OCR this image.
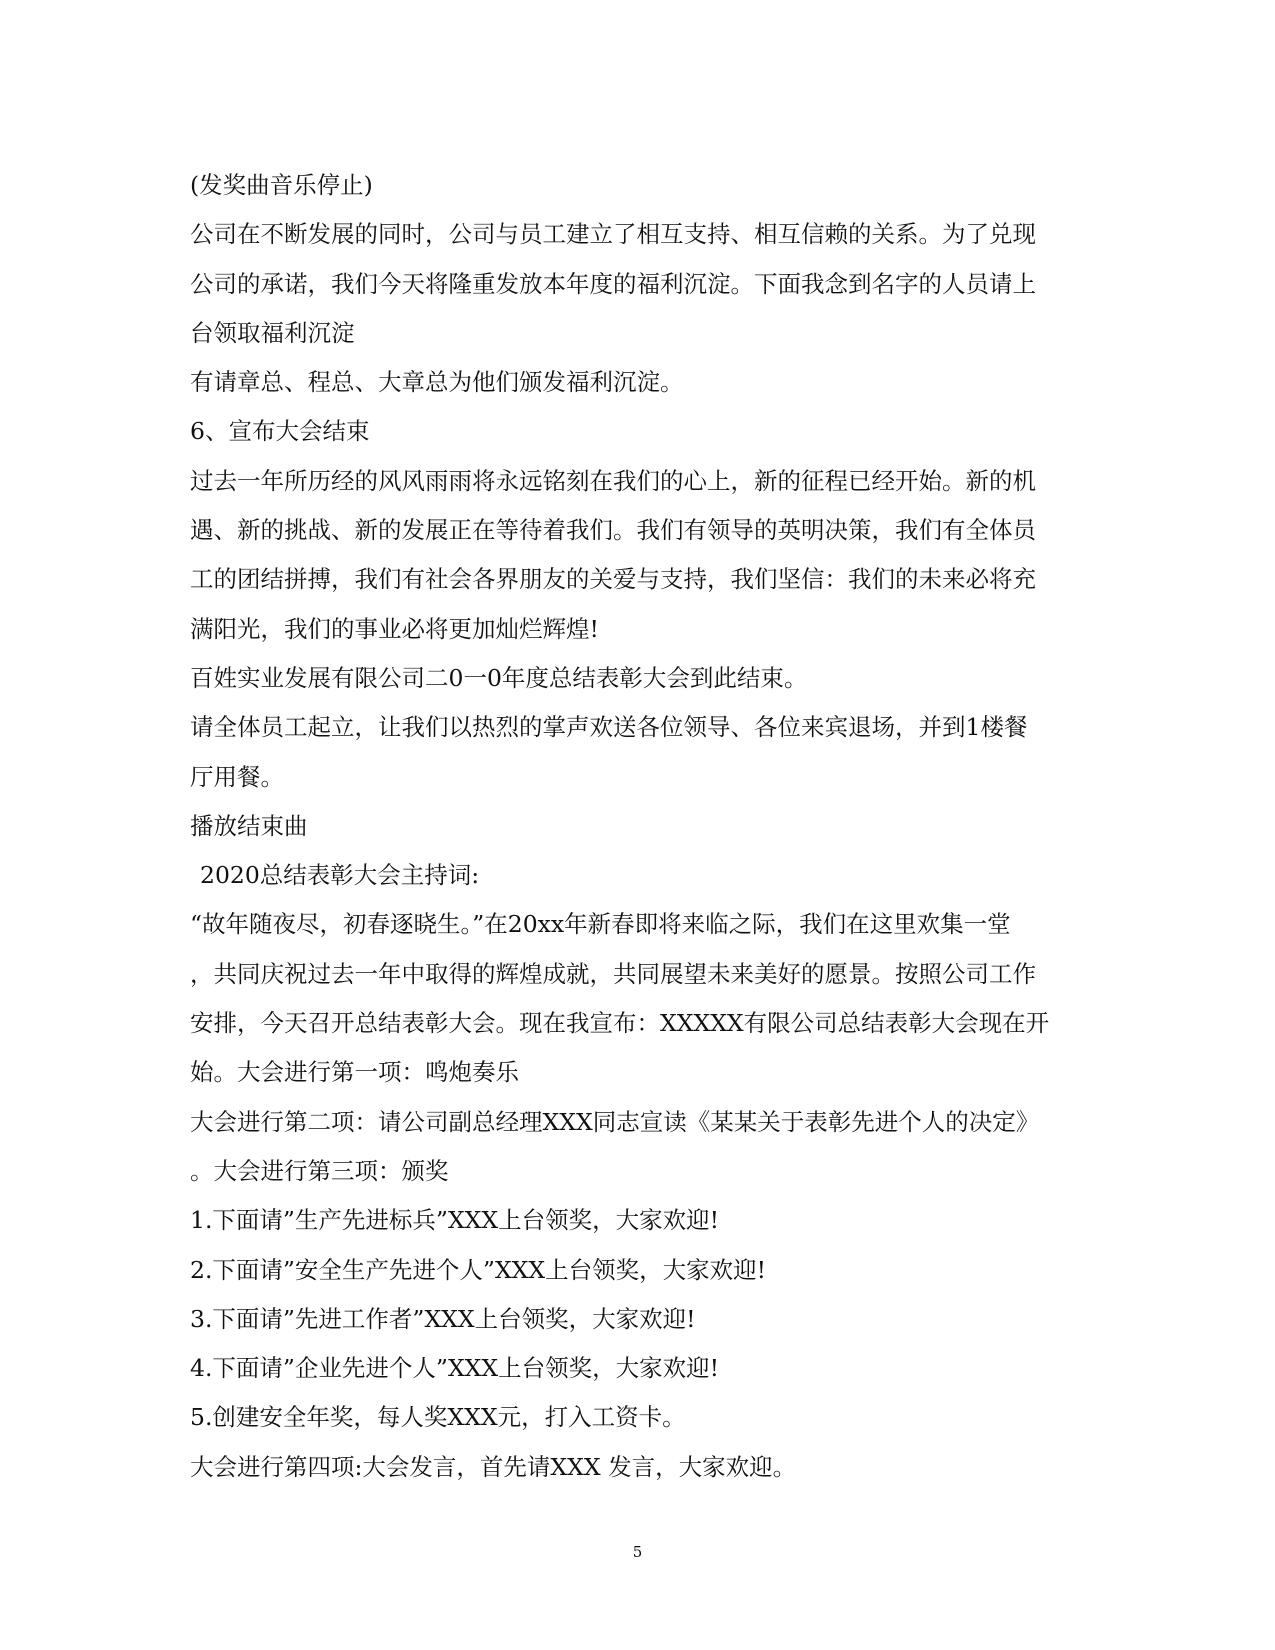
(发奖曲音乐停止)
公司在不断发展的同时，公司与员工建立了相互支持、相互信赖的关系。为了兑现
公司的承诺，我们今天将隆重发放本年度的福利沉淀。下面我念到名字的人员请上
台领取福利沉淀
有请章总、程总、大章总为他们颁发福利沉淀。
6、宣布大会结束
过去一年所历经的风风雨雨将永远铭刻在我们的心上，新的征程已经开始。新的机
遇、新的挑战、新的发展正在等待着我们。我们有领导的英明决策，我们有全体员
工的团结拼搏，我们有社会各界朋友的关爱与支持，我们坚信：我们的未来必将充
满阳光，我们的事业必将更加灿烂辉煌!
百姓实业发展有限公司二0一0年度总结表彰大会到此结束。
请全体员工起立，让我们以热烈的掌声欢送各位领导、各位来宾退场，并到1楼餐
厅用餐。
播放结束曲
2020总结表彰大会主持词:
“故年随夜尽，初春逐晓生。”在20xx年新春即将来临之际，我们在这里欢集一堂
，共同庆祝过去一年中取得的辉煌成就，共同展望未来美好的愿景。按照公司工作
安排，今天召开总结表彰大会。现在我宣布：XXXXX有限公司总结表彰大会现在开
始。大会进行第一项：鸣炮奏乐
大会进行第二项：请公司副总经理XXX同志宣读《某某关于表彰先进个人的决定》
。大会进行第三项：颁奖
1.下面请”生产先进标兵”XXX上台领奖，大家欢迎!
2.下面请”安全生产先进个人”XXX上台领奖，大家欢迎!
3.下面请”先进工作者”XXX上台领奖，大家欢迎!
4.下面请”企业先进个人”XXX上台领奖，大家欢迎!
5.创建安全年奖，每人奖XXX元，打入工资卡。
大会进行第四项:大会发言，首先请XXX 发言，大家欢迎。
5
